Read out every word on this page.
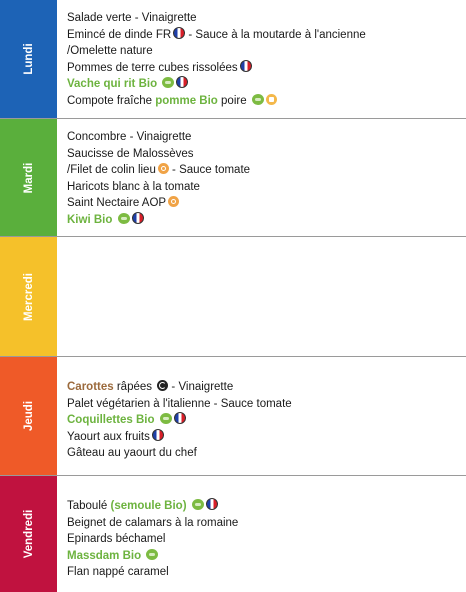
Lundi
Salade verte - Vinaigrette
Emincé de dinde FR - Sauce à la moutarde à l'ancienne
/Omelette nature
Pommes de terre cubes rissolées
Vache qui rit Bio
Compote fraîche pomme Bio poire
Mardi
Concombre - Vinaigrette
Saucisse de Malossèves
/Filet de colin lieu - Sauce tomate
Haricots blanc à la tomate
Saint Nectaire AOP
Kiwi Bio
Mercredi
Jeudi
Carottes râpées  - Vinaigrette
Palet végétarien à l'italienne - Sauce tomate
Coquillettes Bio
Yaourt aux fruits
Gâteau au yaourt du chef
Vendredi
Taboulé (semoule Bio)
Beignet de calamars à la romaine
Epinards béchamel
Massdam Bio
Flan nappé caramel
